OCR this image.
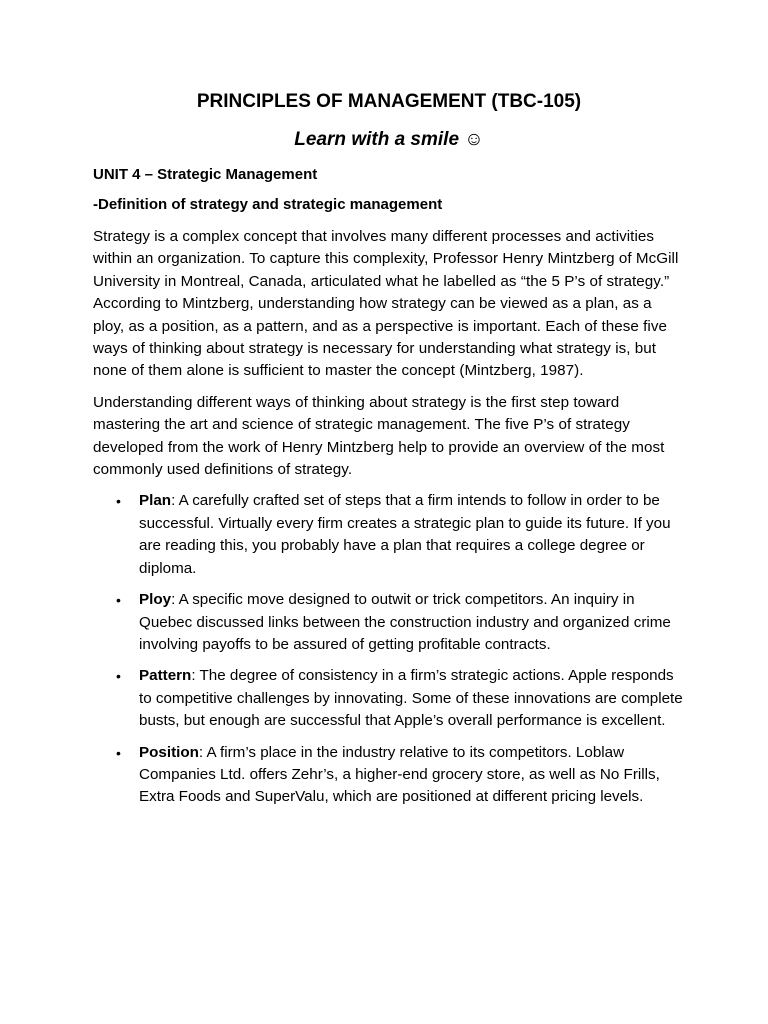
PRINCIPLES OF MANAGEMENT (TBC-105)
Learn with a smile ☺
UNIT 4 – Strategic Management
-Definition of strategy and strategic management

Strategy is a complex concept that involves many different processes and activities within an organization. To capture this complexity, Professor Henry Mintzberg of McGill University in Montreal, Canada, articulated what he labelled as “the 5 P’s of strategy.” According to Mintzberg, understanding how strategy can be viewed as a plan, as a ploy, as a position, as a pattern, and as a perspective is important. Each of these five ways of thinking about strategy is necessary for understanding what strategy is, but none of them alone is sufficient to master the concept (Mintzberg, 1987).

Understanding different ways of thinking about strategy is the first step toward mastering the art and science of strategic management. The five P’s of strategy developed from the work of Henry Mintzberg help to provide an overview of the most commonly used definitions of strategy.

• Plan: A carefully crafted set of steps that a firm intends to follow in order to be successful. Virtually every firm creates a strategic plan to guide its future. If you are reading this, you probably have a plan that requires a college degree or diploma.
• Ploy: A specific move designed to outwit or trick competitors. An inquiry in Quebec discussed links between the construction industry and organized crime involving payoffs to be assured of getting profitable contracts.
• Pattern: The degree of consistency in a firm’s strategic actions. Apple responds to competitive challenges by innovating. Some of these innovations are complete busts, but enough are successful that Apple’s overall performance is excellent.
• Position: A firm’s place in the industry relative to its competitors. Loblaw Companies Ltd. offers Zehr’s, a higher-end grocery store, as well as No Frills, Extra Foods and SuperValu, which are positioned at different pricing levels.
